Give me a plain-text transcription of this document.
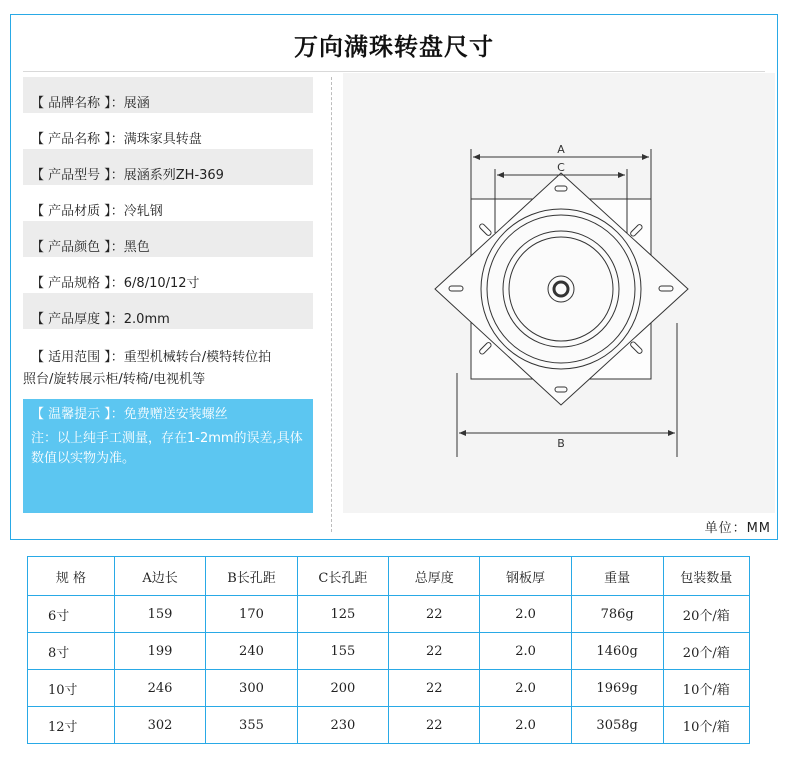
万向满珠转盘尺寸
【 品牌名称 】：展涵
【 产品名称 】：满珠家具转盘
【 产品型号 】：展涵系列ZH-369
【 产品材质 】：冷轧钢
【 产品颜色 】：黑色
【 产品规格 】：6/8/10/12寸
【 产品厚度 】：2.0mm
【 适用范围 】：重型机械转台/模特转位拍
照台/旋转展示柜/转椅/电视机等
【 温馨提示 】：免费赠送安装螺丝
注：以上纯手工测量，存在1-2mm的误差,具体数值以实物为准。
A
C
B
单位：MM
规 格	A边长	B长孔距	C长孔距	总厚度	钢板厚	重量	包装数量
6寸	159	170	125	22	2.0	786g	20个/箱
8寸	199	240	155	22	2.0	1460g	20个/箱
10寸	246	300	200	22	2.0	1969g	10个/箱
12寸	302	355	230	22	2.0	3058g	10个/箱
